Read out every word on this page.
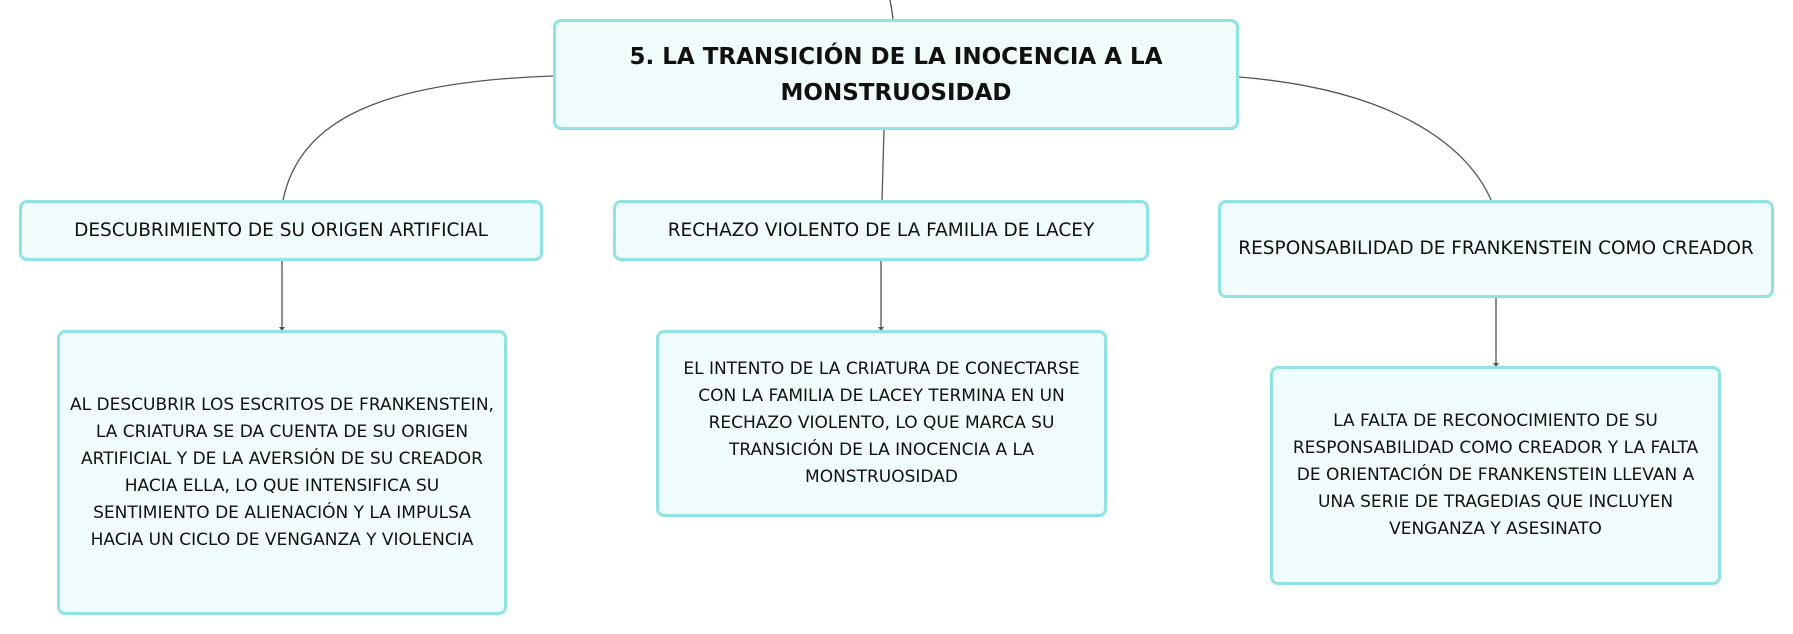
5. LA TRANSICIÓN DE LA INOCENCIA A LA MONSTRUOSIDAD
DESCUBRIMIENTO DE SU ORIGEN ARTIFICIAL	RECHAZO VIOLENTO DE LA FAMILIA DE LACEY
RESPONSABILIDAD DE FRANKENSTEIN COMO CREADOR
AL DESCUBRIR LOS ESCRITOS DE FRANKENSTEIN, LA CRIATURA SE DA CUENTA DE SU ORIGEN ARTIFICIAL Y DE LA AVERSIÓN DE SU CREADOR HACIA ELLA, LO QUE INTENSIFICA SU SENTIMIENTO DE ALIENACIÓN Y LA IMPULSA HACIA UN CICLO DE VENGANZA Y VIOLENCIA
EL INTENTO DE LA CRIATURA DE CONECTARSE CON LA FAMILIA DE LACEY TERMINA EN UN RECHAZO VIOLENTO, LO QUE MARCA SU TRANSICIÓN DE LA INOCENCIA A LA MONSTRUOSIDAD
LA FALTA DE RECONOCIMIENTO DE SU RESPONSABILIDAD COMO CREADOR Y LA FALTA DE ORIENTACIÓN DE FRANKENSTEIN LLEVAN A UNA SERIE DE TRAGEDIAS QUE INCLUYEN VENGANZA Y ASESINATO
